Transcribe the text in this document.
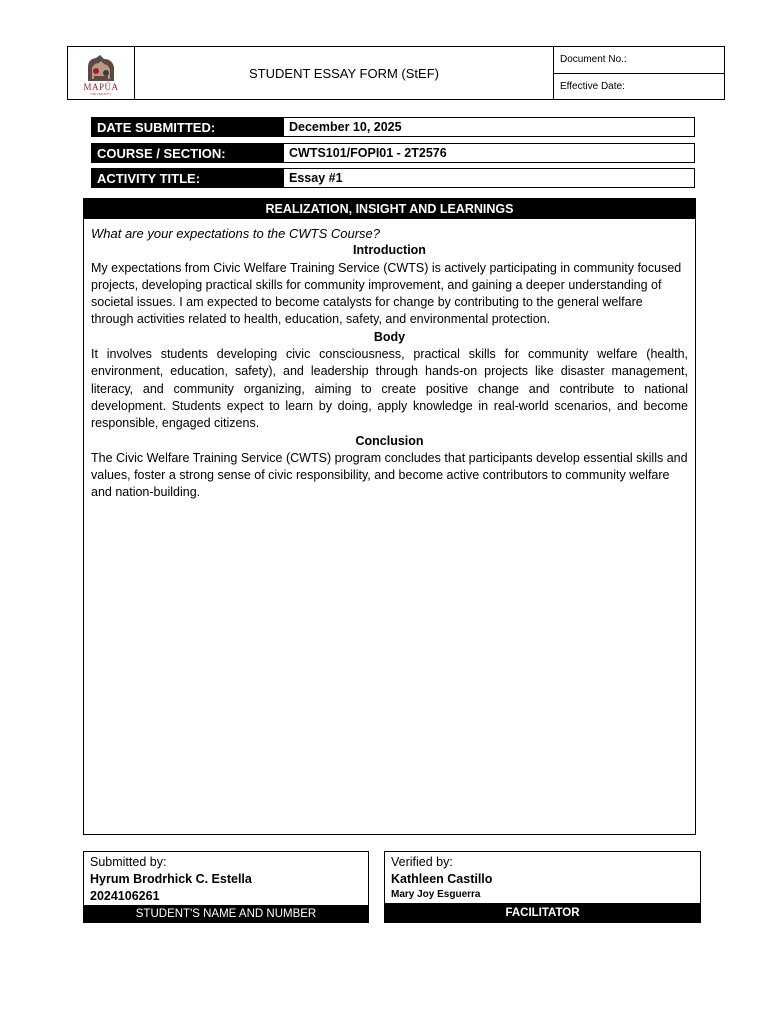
MAPÚA
UNIVERSITY
STUDENT ESSAY FORM (StEF)
Document No.:
Effective Date:
DATE SUBMITTED:	December 10, 2025
COURSE / SECTION:	CWTS101/FOPI01 - 2T2576
ACTIVITY TITLE:	Essay #1
REALIZATION, INSIGHT AND LEARNINGS
What are your expectations to the CWTS Course?
Introduction
My expectations from Civic Welfare Training Service (CWTS) is actively participating in community focused projects, developing practical skills for community improvement, and gaining a deeper understanding of societal issues. I am expected to become catalysts for change by contributing to the general welfare through activities related to health, education, safety, and environmental protection.
Body
It involves students developing civic consciousness, practical skills for community welfare (health, environment, education, safety), and leadership through hands-on projects like disaster management, literacy, and community organizing, aiming to create positive change and contribute to national development. Students expect to learn by doing, apply knowledge in real-world scenarios, and become responsible, engaged citizens.
Conclusion
The Civic Welfare Training Service (CWTS) program concludes that participants develop essential skills and values, foster a strong sense of civic responsibility, and become active contributors to community welfare and nation-building.
Submitted by:
Hyrum Brodrhick C. Estella
2024106261
STUDENT'S NAME AND NUMBER
Verified by:
Kathleen Castillo
Mary Joy Esguerra
FACILITATOR
